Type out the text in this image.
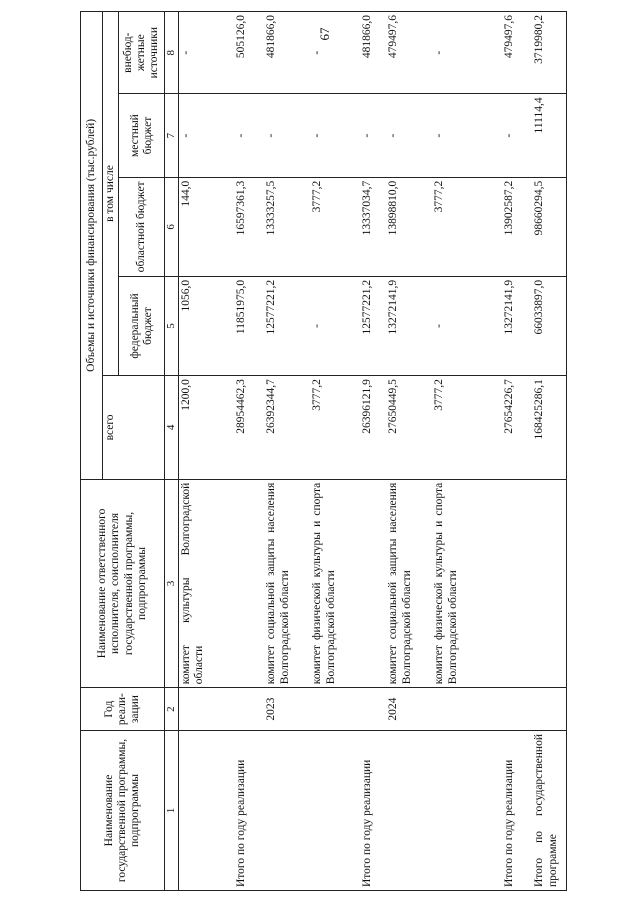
67
Наименование государственной программы, подпрограммы	Год реали-зации	Наименование ответственного исполнителя, соисполнителя государственной программы, подпрограммы	Объемы и источники финансирования (тыс.рублей)				
			всего	в том числе			
				федеральный бюджет	областной бюджет	местный бюджет	внебюд-жетные источники
1	2	3	4	5	6	7	8
		комитет культуры Волгоградской области	1200,0	1056,0	144,0	-	-
Итого по году реализации			28954462,3	11851975,0	16597361,3	-	505126,0
	2023	комитет социальной защиты населения Волгоградской области	26392344,7	12577221,2	13333257,5	-	481866,0
		комитет физической культуры и спорта Волгоградской области	3777,2	-	3777,2	-	-
Итого по году реализации			26396121,9	12577221,2	13337034,7	-	481866,0
	2024	комитет социальной защиты населения Волгоградской области	27650449,5	13272141,9	13898810,0	-	479497,6
		комитет физической культуры и спорта Волгоградской области	3777,2	-	3777,2	-	-
Итого по году реализации			27654226,7	13272141,9	13902587,2	-	479497,6
Итого по государственной программе			168425286,1	66033897,0	98660294,5	11114,4	3719980,2
